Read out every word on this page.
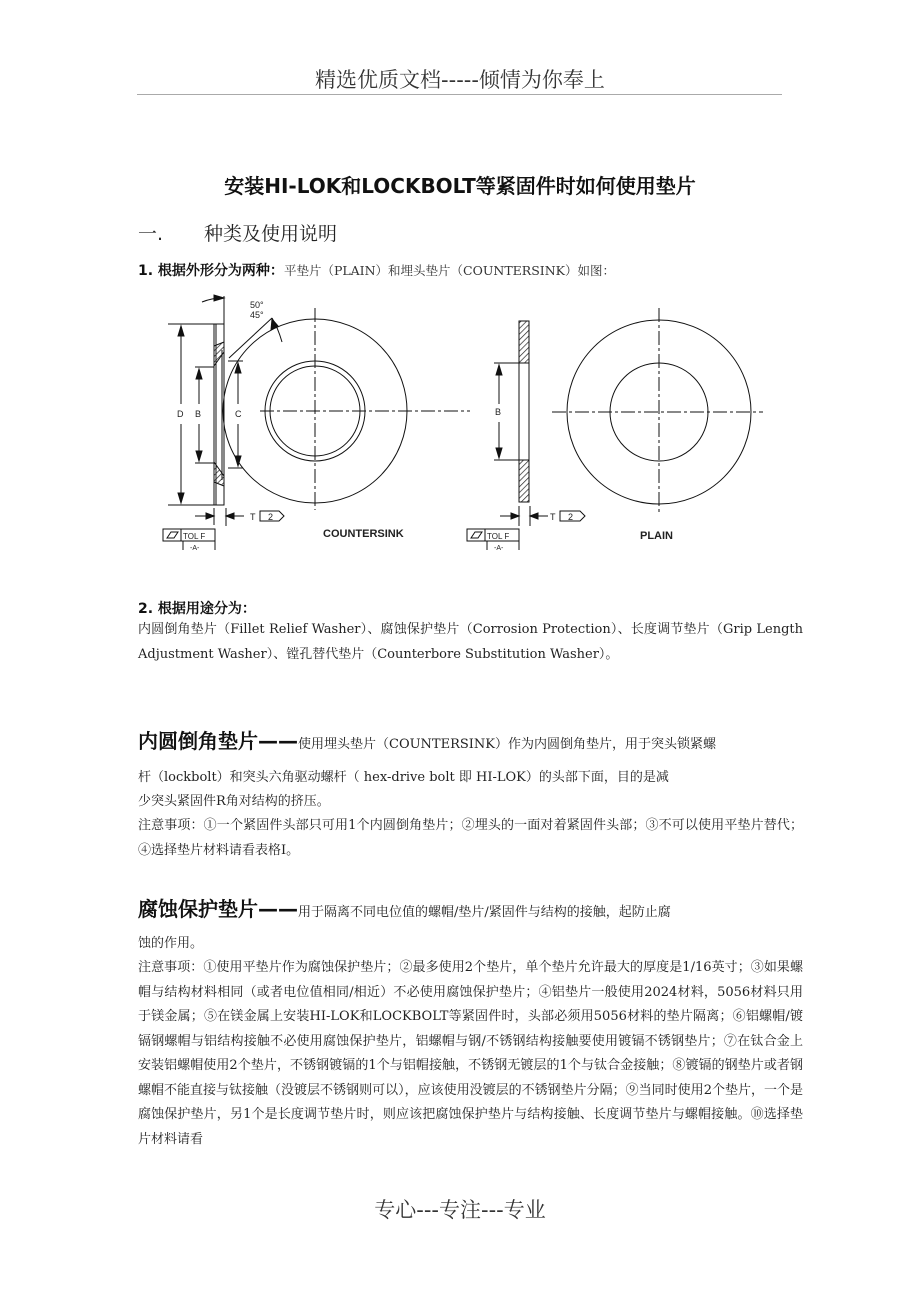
精选优质文档-----倾情为你奉上
安装HI-LOK和LOCKBOLT等紧固件时如何使用垫片
一. 种类及使用说明
1. 根据外形分为两种：平垫片（PLAIN）和埋头垫片（COUNTERSINK）如图：
50°
45°
D B	C
T 2
TOL F
-A-
COUNTERSINK
B
T 2
TOL F
-A-
PLAIN
2. 根据用途分为：
内圆倒角垫片（Fillet Relief Washer）、腐蚀保护垫片（Corrosion Protection）、长度调节垫片（Grip Length Adjustment Washer）、镗孔替代垫片（Counterbore Substitution Washer）。
内圆倒角垫片——使用埋头垫片（COUNTERSINK）作为内圆倒角垫片，用于突头锁紧螺
杆（lockbolt）和突头六角驱动螺杆（ hex-drive bolt 即 HI-LOK）的头部下面，目的是减
少突头紧固件R角对结构的挤压。
注意事项：①一个紧固件头部只可用1个内圆倒角垫片；②埋头的一面对着紧固件头部；③不可以使用平垫片替代；④选择垫片材料请看表格Ⅰ。
腐蚀保护垫片——用于隔离不同电位值的螺帽/垫片/紧固件与结构的接触，起防止腐
蚀的作用。
注意事项：①使用平垫片作为腐蚀保护垫片；②最多使用2个垫片，单个垫片允许最大的厚度是1/16英寸；③如果螺帽与结构材料相同（或者电位值相同/相近）不必使用腐蚀保护垫片；④铝垫片一般使用2024材料，5056材料只用于镁金属；⑤在镁金属上安装HI-LOK和LOCKBOLT等紧固件时，头部必须用5056材料的垫片隔离；⑥铝螺帽/镀镉钢螺帽与铝结构接触不必使用腐蚀保护垫片，铝螺帽与钢/不锈钢结构接触要使用镀镉不锈钢垫片；⑦在钛合金上安装铝螺帽使用2个垫片，不锈钢镀镉的1个与铝帽接触，不锈钢无镀层的1个与钛合金接触；⑧镀镉的钢垫片或者钢螺帽不能直接与钛接触（没镀层不锈钢则可以），应该使用没镀层的不锈钢垫片分隔；⑨当同时使用2个垫片，一个是腐蚀保护垫片，另1个是长度调节垫片时，则应该把腐蚀保护垫片与结构接触、长度调节垫片与螺帽接触。⑩选择垫片材料请看
专心---专注---专业
